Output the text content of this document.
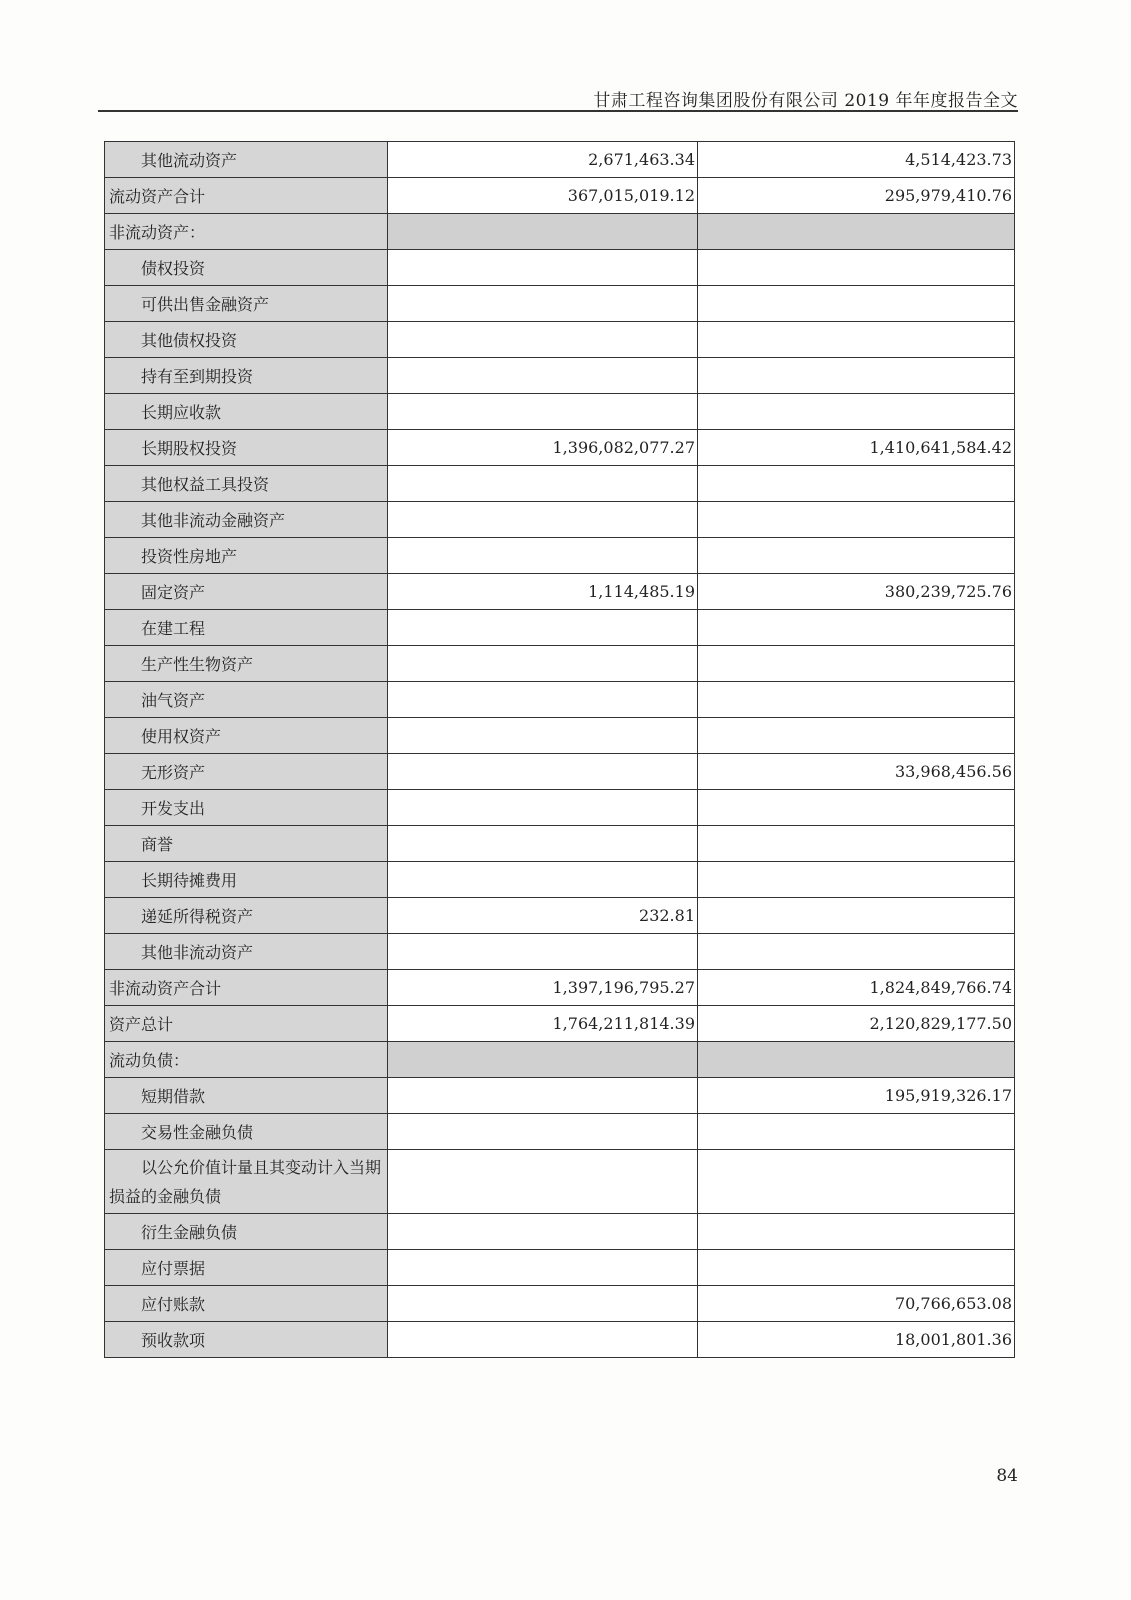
甘肃工程咨询集团股份有限公司 2019 年年度报告全文
其他流动资产	2,671,463.34	4,514,423.73
流动资产合计	367,015,019.12	295,979,410.76
非流动资产：		
债权投资		
可供出售金融资产		
其他债权投资		
持有至到期投资		
长期应收款		
长期股权投资	1,396,082,077.27	1,410,641,584.42
其他权益工具投资		
其他非流动金融资产		
投资性房地产		
固定资产	1,114,485.19	380,239,725.76
在建工程		
生产性生物资产		
油气资产		
使用权资产		
无形资产		33,968,456.56
开发支出		
商誉		
长期待摊费用		
递延所得税资产	232.81	
其他非流动资产		
非流动资产合计	1,397,196,795.27	1,824,849,766.74
资产总计	1,764,211,814.39	2,120,829,177.50
流动负债：		
短期借款		195,919,326.17
交易性金融负债		
以公允价值计量且其变动计入当期损益的金融负债		
衍生金融负债		
应付票据		
应付账款		70,766,653.08
预收款项		18,001,801.36
84
